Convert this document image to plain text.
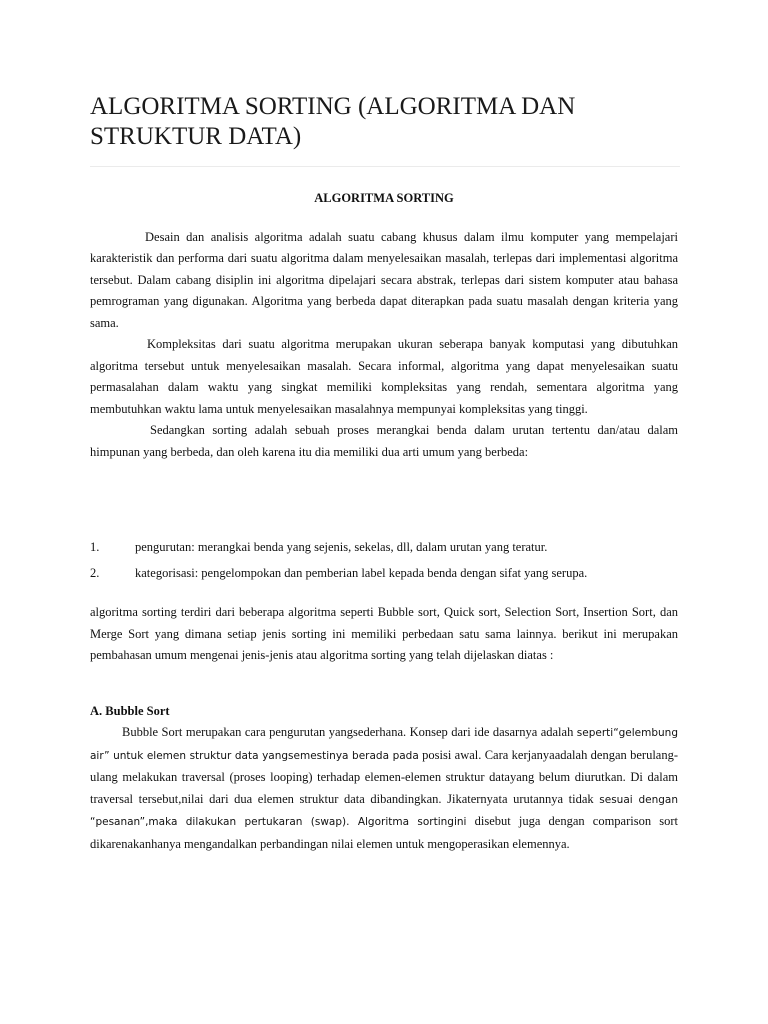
ALGORITMA SORTING (ALGORITMA DAN STRUKTUR DATA)
ALGORITMA SORTING

Desain dan analisis algoritma adalah suatu cabang khusus dalam ilmu komputer yang mempelajari karakteristik dan performa dari suatu algoritma dalam menyelesaikan masalah, terlepas dari implementasi algoritma tersebut. Dalam cabang disiplin ini algoritma dipelajari secara abstrak, terlepas dari sistem komputer atau bahasa pemrograman yang digunakan. Algoritma yang berbeda dapat diterapkan pada suatu masalah dengan kriteria yang sama.

Kompleksitas dari suatu algoritma merupakan ukuran seberapa banyak komputasi yang dibutuhkan algoritma tersebut untuk menyelesaikan masalah. Secara informal, algoritma yang dapat menyelesaikan suatu permasalahan dalam waktu yang singkat memiliki kompleksitas yang rendah, sementara algoritma yang membutuhkan waktu lama untuk menyelesaikan masalahnya mempunyai kompleksitas yang tinggi.

Sedangkan sorting adalah sebuah proses merangkai benda dalam urutan tertentu dan/atau dalam himpunan yang berbeda, dan oleh karena itu dia memiliki dua arti umum yang berbeda:

1.	pengurutan: merangkai benda yang sejenis, sekelas, dll, dalam urutan yang teratur.
2.	kategorisasi: pengelompokan dan pemberian label kepada benda dengan sifat yang serupa.

algoritma sorting terdiri dari beberapa algoritma seperti Bubble sort, Quick sort, Selection Sort, Insertion Sort, dan Merge Sort yang dimana setiap jenis sorting ini memiliki perbedaan satu sama lainnya. berikut ini merupakan pembahasan umum mengenai jenis-jenis atau algoritma sorting yang telah dijelaskan diatas :

A. Bubble Sort

Bubble Sort merupakan cara pengurutan yangsederhana. Konsep dari ide dasarnya adalah seperti“gelembung air” untuk elemen struktur data yangsemestinya berada pada posisi awal. Cara kerjanyaadalah dengan berulang-ulang melakukan traversal (proses looping) terhadap elemen-elemen struktur datayang belum diurutkan. Di dalam traversal tersebut,nilai dari dua elemen struktur data dibandingkan. Jikaternyata urutannya tidak sesuai dengan “pesanan”,maka dilakukan pertukaran (swap). Algoritma sortingini disebut juga dengan comparison sort dikarenakanhanya mengandalkan perbandingan nilai elemen untuk mengoperasikan elemennya.
